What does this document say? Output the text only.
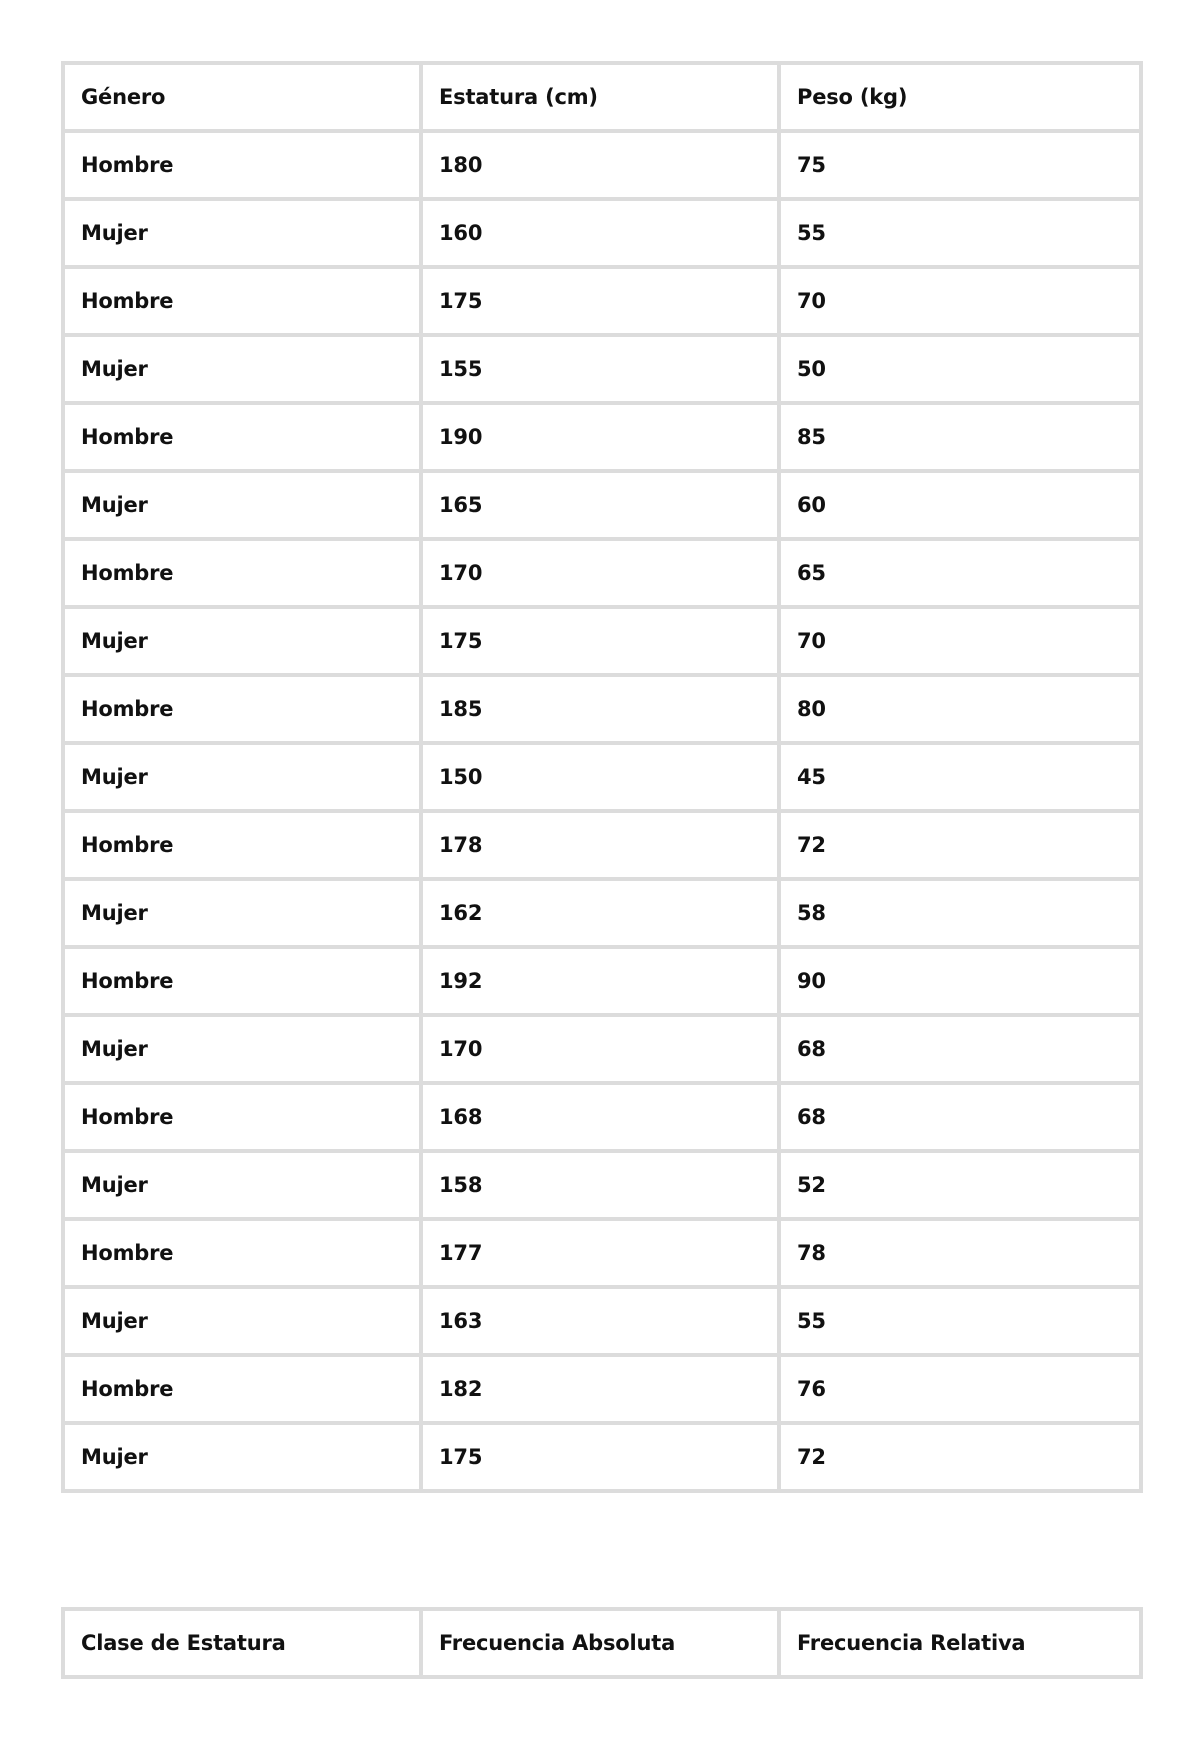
Género	Estatura (cm)	Peso (kg)
Hombre	180	75
Mujer	160	55
Hombre	175	70
Mujer	155	50
Hombre	190	85
Mujer	165	60
Hombre	170	65
Mujer	175	70
Hombre	185	80
Mujer	150	45
Hombre	178	72
Mujer	162	58
Hombre	192	90
Mujer	170	68
Hombre	168	68
Mujer	158	52
Hombre	177	78
Mujer	163	55
Hombre	182	76
Mujer	175	72
Clase de Estatura	Frecuencia Absoluta	Frecuencia Relativa
